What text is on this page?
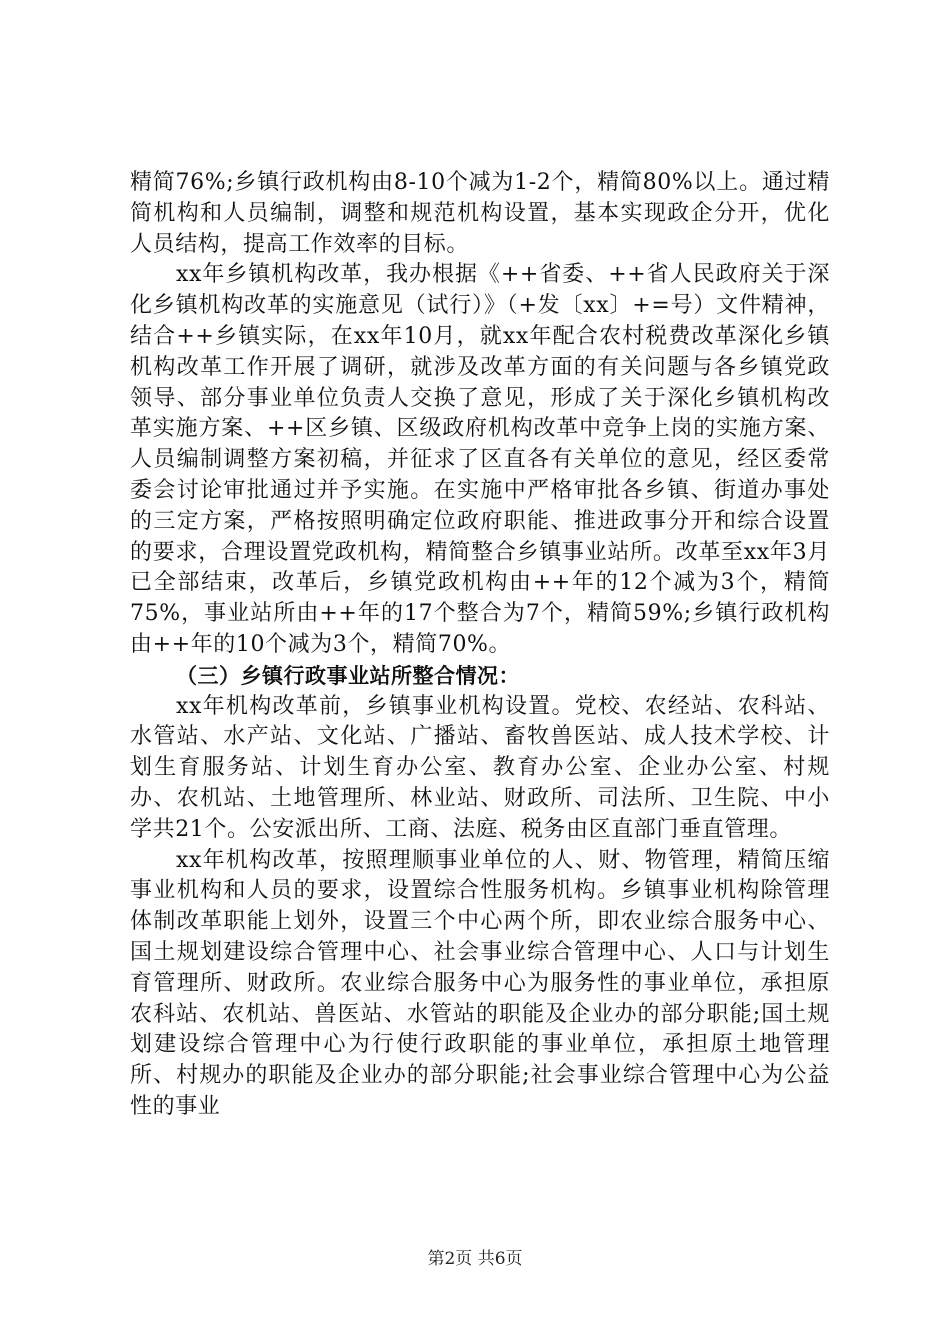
精简76%;乡镇行政机构由8-10个减为1-2个，精简80%以上。通过精简机构和人员编制，调整和规范机构设置，基本实现政企分开，优化人员结构，提高工作效率的目标。

xx年乡镇机构改革，我办根据《++省委、++省人民政府关于深化乡镇机构改革的实施意见（试行）》（+发〔xx〕+=号）文件精神，结合++乡镇实际，在xx年10月，就xx年配合农村税费改革深化乡镇机构改革工作开展了调研，就涉及改革方面的有关问题与各乡镇党政领导、部分事业单位负责人交换了意见，形成了关于深化乡镇机构改革实施方案、++区乡镇、区级政府机构改革中竞争上岗的实施方案、人员编制调整方案初稿，并征求了区直各有关单位的意见，经区委常委会讨论审批通过并予实施。在实施中严格审批各乡镇、街道办事处的三定方案，严格按照明确定位政府职能、推进政事分开和综合设置的要求，合理设置党政机构，精简整合乡镇事业站所。改革至xx年3月已全部结束，改革后，乡镇党政机构由++年的12个减为3个，精简75%，事业站所由++年的17个整合为7个，精简59%;乡镇行政机构由++年的10个减为3个，精简70%。

（三）乡镇行政事业站所整合情况：

xx年机构改革前，乡镇事业机构设置。党校、农经站、农科站、水管站、水产站、文化站、广播站、畜牧兽医站、成人技术学校、计划生育服务站、计划生育办公室、教育办公室、企业办公室、村规办、农机站、土地管理所、林业站、财政所、司法所、卫生院、中小学共21个。公安派出所、工商、法庭、税务由区直部门垂直管理。

xx年机构改革，按照理顺事业单位的人、财、物管理，精简压缩事业机构和人员的要求，设置综合性服务机构。乡镇事业机构除管理体制改革职能上划外，设置三个中心两个所，即农业综合服务中心、国土规划建设综合管理中心、社会事业综合管理中心、人口与计划生育管理所、财政所。农业综合服务中心为服务性的事业单位，承担原农科站、农机站、兽医站、水管站的职能及企业办的部分职能;国土规划建设综合管理中心为行使行政职能的事业单位，承担原土地管理所、村规办的职能及企业办的部分职能;社会事业综合管理中心为公益性的事业

第2页 共6页
